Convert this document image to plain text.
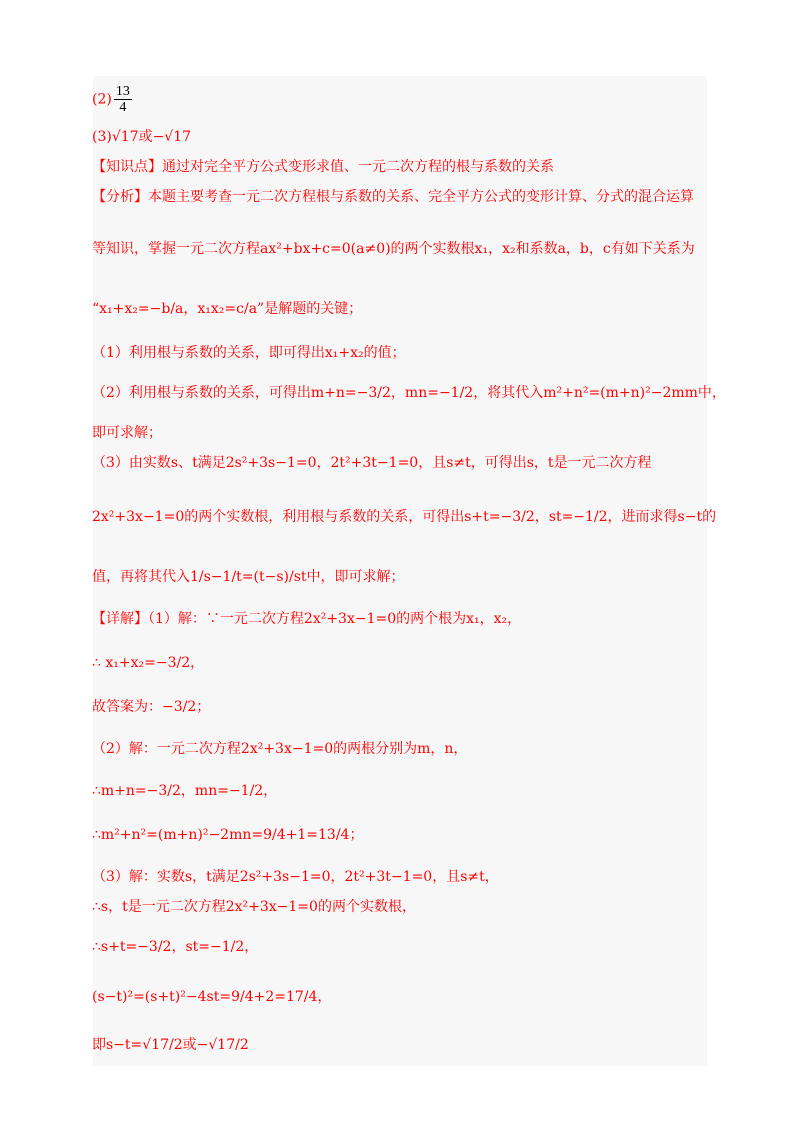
$(2) \frac{13}{4}$
(3)√17或−√17
【知识点】通过对完全平方公式变形求值、一元二次方程的根与系数的关系
【分析】本题主要考查一元二次方程根与系数的关系、完全平方公式的变形计算、分式的混合运算
等知识，掌握一元二次方程ax²+bx+c=0(a≠0)的两个实数根x₁，x₂和系数a，b，c有如下关系为
“x₁+x₂=−b/a，x₁x₂=c/a”是解题的关键；
（1）利用根与系数的关系，即可得出x₁+x₂的值；
（2）利用根与系数的关系，可得出m+n=−3/2，mn=−1/2，将其代入m²+n²=(m+n)²−2mm中，
即可求解；
（3）由实数s、t满足2s²+3s−1=0，2t²+3t−1=0，且s≠t，可得出s，t是一元二次方程
2x²+3x−1=0的两个实数根，利用根与系数的关系，可得出s+t=−3/2，st=−1/2，进而求得s−t的
值，再将其代入1/s−1/t=(t−s)/st中，即可求解；
【详解】（1）解：∵一元二次方程2x²+3x−1=0的两个根为x₁，x₂，
∴ x₁+x₂=−3/2，
故答案为：−3/2；
（2）解：一元二次方程2x²+3x−1=0的两根分别为m，n，
∴m+n=−3/2，mn=−1/2，
∴m²+n²=(m+n)²−2mn=9/4+1=13/4；
（3）解：实数s，t满足2s²+3s−1=0，2t²+3t−1=0，且s≠t，
∴s，t是一元二次方程2x²+3x−1=0的两个实数根，
∴s+t=−3/2，st=−1/2，
(s−t)²=(s+t)²−4st=9/4+2=17/4，
即s−t=√17/2或−√17/2
